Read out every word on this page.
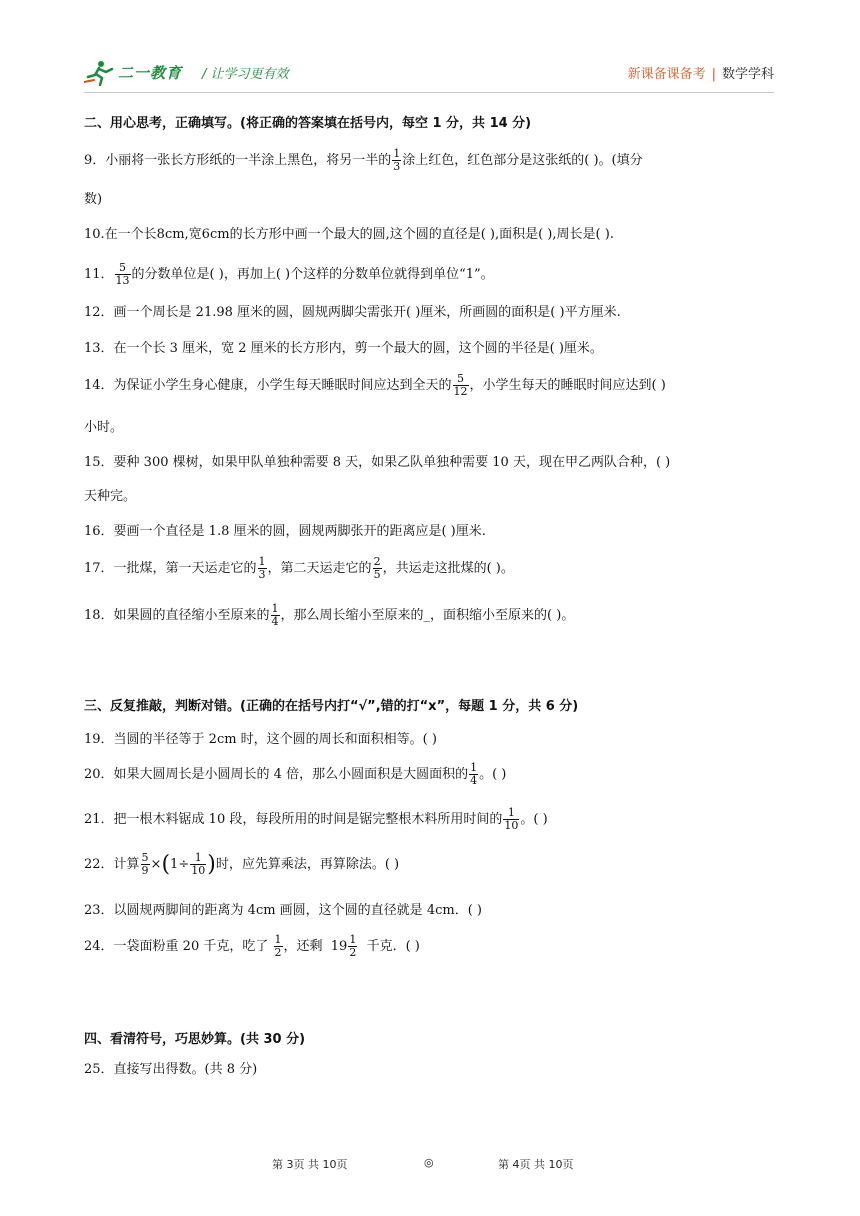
二一教育 / 让学习更有效	新课备课备考 | 数学学科
二、用心思考，正确填写。(将正确的答案填在括号内，每空 1 分，共 14 分)
9．小丽将一张长方形纸的一半涂上黑色，将另一半的 $\frac{1}{3}$ 涂上红色，红色部分是这张纸的( )。(填分
数)
10.在一个长8cm,宽6cm的长方形中画一个最大的圆,这个圆的直径是( ),面积是( ),周长是( ).
11． $\frac{5}{13}$ 的分数单位是( )，再加上( )个这样的分数单位就得到单位“1”。
12．画一个周长是 21.98 厘米的圆，圆规两脚尖需张开( )厘米，所画圆的面积是( )平方厘米.
13．在一个长 3 厘米，宽 2 厘米的长方形内，剪一个最大的圆，这个圆的半径是( )厘米。
14．为保证小学生身心健康，小学生每天睡眠时间应达到全天的 $\frac{5}{12}$ ，小学生每天的睡眠时间应达到( )
小时。
15．要种 300 棵树，如果甲队单独种需要 8 天，如果乙队单独种需要 10 天，现在甲乙两队合种，( )
天种完。
16．要画一个直径是 1.8 厘米的圆，圆规两脚张开的距离应是( )厘米.
17．一批煤，第一天运走它的 $\frac{1}{3}$ ，第二天运走它的 $\frac{2}{5}$ ，共运走这批煤的( )。
18．如果圆的直径缩小至原来的 $\frac{1}{4}$ ，那么周长缩小至原来的_，面积缩小至原来的( )。
三、反复推敲，判断对错。(正确的在括号内打“√”,错的打“x”，每题 1 分，共 6 分)
19．当圆的半径等于 2cm 时，这个圆的周长和面积相等。( )
20．如果大圆周长是小圆周长的 4 倍，那么小圆面积是大圆面积的 $\frac{1}{4}$ 。( )
21．把一根木料锯成 10 段，每段所用的时间是锯完整根木料所用时间的 $\frac{1}{10}$ 。( )
22．计算 $\frac{5}{9} \times(1\div \frac{1}{10}$ )时，应先算乘法，再算除法。( )
23．以圆规两脚间的距离为 4cm 画圆，这个圆的直径就是 4cm．( )
24．一袋面粉重 20 千克，吃了 $\frac{1}{2}$ ，还剩 $19 \frac{1}{2}$ 千克．( )
四、看清符号，巧思妙算。(共 30 分)
25．直接写出得数。(共 8 分)
第 3页 共 10页	◎	第 4页 共 10页
